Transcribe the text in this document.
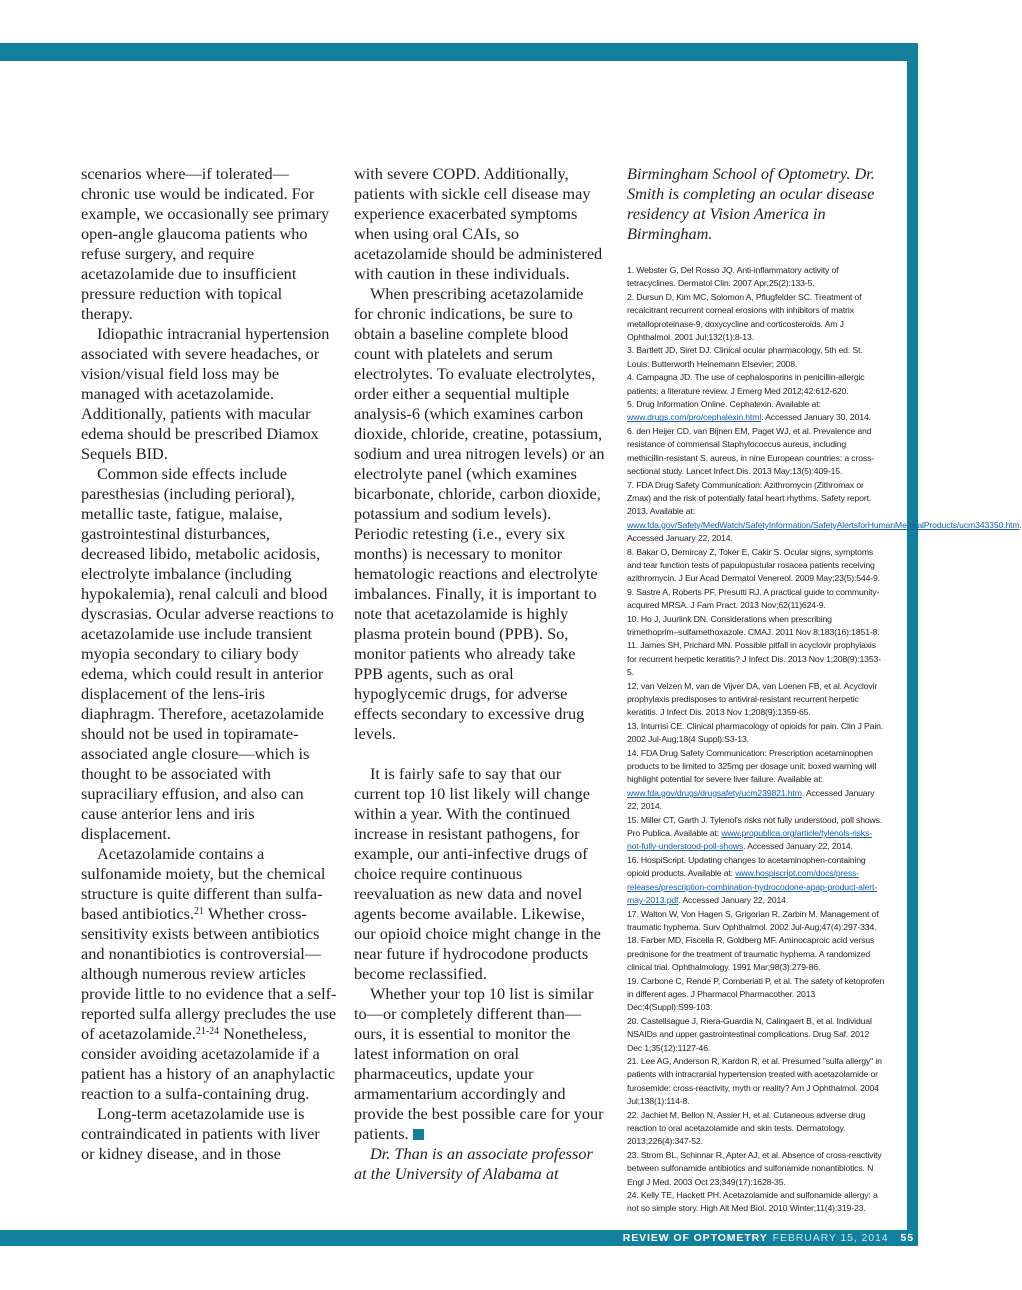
scenarios where—if tolerated—chronic use would be indicated. For example, we occasionally see primary open-angle glaucoma patients who refuse surgery, and require acetazolamide due to insufficient pressure reduction with topical therapy.

Idiopathic intracranial hypertension associated with severe headaches, or vision/visual field loss may be managed with acetazolamide. Additionally, patients with macular edema should be prescribed Diamox Sequels BID.

Common side effects include paresthesias (including perioral), metallic taste, fatigue, malaise, gastrointestinal disturbances, decreased libido, metabolic acidosis, electrolyte imbalance (including hypokalemia), renal calculi and blood dyscrasias. Ocular adverse reactions to acetazolamide use include transient myopia secondary to ciliary body edema, which could result in anterior displacement of the lens-iris diaphragm. Therefore, acetazolamide should not be used in topiramate-associated angle closure—which is thought to be associated with supraciliary effusion, and also can cause anterior lens and iris displacement.

Acetazolamide contains a sulfonamide moiety, but the chemical structure is quite different than sulfa-based antibiotics.$^{21}$ Whether cross-sensitivity exists between antibiotics and nonantibiotics is controversial—although numerous review articles provide little to no evidence that a self-reported sulfa allergy precludes the use of acetazolamide.$^{21-24}$ Nonetheless, consider avoiding acetazolamide if a patient has a history of an anaphylactic reaction to a sulfa-containing drug.

Long-term acetazolamide use is contraindicated in patients with liver or kidney disease, and in those

with severe COPD. Additionally, patients with sickle cell disease may experience exacerbated symptoms when using oral CAIs, so acetazolamide should be administered with caution in these individuals.

When prescribing acetazolamide for chronic indications, be sure to obtain a baseline complete blood count with platelets and serum electrolytes. To evaluate electrolytes, order either a sequential multiple analysis-6 (which examines carbon dioxide, chloride, creatine, potassium, sodium and urea nitrogen levels) or an electrolyte panel (which examines bicarbonate, chloride, carbon dioxide, potassium and sodium levels). Periodic retesting (i.e., every six months) is necessary to monitor hematologic reactions and electrolyte imbalances. Finally, it is important to note that acetazolamide is highly plasma protein bound (PPB). So, monitor patients who already take PPB agents, such as oral hypoglycemic drugs, for adverse effects secondary to excessive drug levels.

It is fairly safe to say that our current top 10 list likely will change within a year. With the continued increase in resistant pathogens, for example, our anti-infective drugs of choice require continuous reevaluation as new data and novel agents become available. Likewise, our opioid choice might change in the near future if hydrocodone products become reclassified.

Whether your top 10 list is similar to—or completely different than—ours, it is essential to monitor the latest information on oral pharmaceutics, update your armamentarium accordingly and provide the best possible care for your patients.

Dr. Than is an associate professor at the University of Alabama at

Birmingham School of Optometry. Dr. Smith is completing an ocular disease residency at Vision America in Birmingham.

1. Webster G, Del Rosso JQ. Anti-inflammatory activity of tetracyclines. Dermatol Clin. 2007 Apr;25(2):133-5.
2. Dursun D, Kim MC, Solomon A, Pflugfelder SC. Treatment of recalcitrant recurrent corneal erosions with inhibitors of matrix metalloproteinase-9, doxycycline and corticosteroids. Am J Ophthalmol. 2001 Jul;132(1):8-13.
3. Bartlett JD, Siret DJ. Clinical ocular pharmacology, 5th ed. St. Louis: Butterworth Heinemann Elsevier; 2008.
4. Campagna JD. The use of cephalosporins in penicillin-allergic patients: a literature review. J Emerg Med 2012;42:612-620.
5. Drug Information Online. Cephalexin. Available at: www.drugs.com/pro/cephalexin.html. Accessed January 30, 2014.
6. den Heijer CD, van Bijnen EM, Paget WJ, et al. Prevalence and resistance of commensal Staphylococcus aureus, including methicillin-resistant S. aureus, in nine European countries: a cross-sectional study. Lancet Infect Dis. 2013 May;13(5):409-15.
7. FDA Drug Safety Communication: Azithromycin (Zithromax or Zmax) and the risk of potentially fatal heart rhythms. Safety report. 2013. Available at: www.fda.gov/Safety/MedWatch/SafetyInformation/SafetyAlertsforHumanMedicalProducts/ucm343350.htm. Accessed January 22, 2014.
8. Bakar O, Demircay Z, Toker E, Cakir S. Ocular signs, symptoms and tear function tests of papulopustular rosacea patients receiving azithromycin. J Eur Acad Dermatol Venereol. 2009 May;23(5):544-9.
9. Sastre A, Roberts PF, Presutti RJ. A practical guide to community-acquired MRSA. J Fam Pract. 2013 Nov;62(11)624-9.
10. Ho J, Juurlink DN. Considerations when prescribing trimethoprim–sulfamethoxazole. CMAJ. 2011 Nov 8;183(16):1851-8.
11. James SH, Prichard MN. Possible pitfall in acyclovir prophylaxis for recurrent herpetic keratitis? J Infect Dis. 2013 Nov 1;208(9):1353-5.
12. van Velzen M, van de Vijver DA, van Loenen FB, et al. Acyclovir prophylaxis predisposes to antiviral-resistant recurrent herpetic keratitis. J Infect Dis. 2013 Nov 1;208(9):1359-65.
13. Inturrisi CE. Clinical pharmacology of opioids for pain. Clin J Pain. 2002 Jul-Aug;18(4 Suppl):S3-13.
14. FDA Drug Safety Communication: Prescription acetaminophen products to be limited to 325mg per dosage unit; boxed warning will highlight potential for severe liver failure. Available at: www.fda.gov/drugs/drugsafety/ucm239821.htm. Accessed January 22, 2014.
15. Miller CT, Garth J. Tylenol's risks not fully understood, poll shows. Pro Publica. Available at: www.propublica.org/article/tylenols-risks-not-fully-understood-poll-shows. Accessed January 22, 2014.
16. HospiScript. Updating changes to acetaminophen-containing opioid products. Available at: www.hospiscript.com/docs/press-releases/prescription-combination-hydrocodone-apap-product-alert-may-2013.pdf. Accessed January 22, 2014.
17. Walton W, Von Hagen S, Grigorian R, Zarbin M. Management of traumatic hyphema. Surv Ophthalmol. 2002 Jul-Aug;47(4):297-334.
18. Farber MD, Fiscella R, Goldberg MF. Aminocaproic acid versus prednisone for the treatment of traumatic hyphema. A randomized clinical trial. Ophthalmology. 1991 Mar;98(3):279-86.
19. Carbone C, Rende P, Comberiati P, et al. The safety of ketoprofen in different ages. J Pharmacol Pharmacother. 2013 Dec;4(Suppl):S99-103.
20. Castellsague J, Riera-Guardia N, Calingaert B, et al. Individual NSAIDs and upper gastrointestinal complications. Drug Saf. 2012 Dec 1;35(12):1127-46.
21. Lee AG, Anderson R, Kardon R, et al. Presumed "sulfa allergy" in patients with intracranial hypertension treated with acetazolamide or furosemide: cross-reactivity, myth or reality? Am J Ophthalmol. 2004 Jul;138(1):114-8.
22. Jachiet M, Bellon N, Assier H, et al. Cutaneous adverse drug reaction to oral acetazolamide and skin tests. Dermatology. 2013;226(4):347-52.
23. Strom BL, Schinnar R, Apter AJ, et al. Absence of cross-reactivity between sulfonamide antibiotics and sulfonamide nonantibiotics. N Engl J Med. 2003 Oct 23;349(17):1628-35.
24. Kelly TE, Hackett PH. Acetazolamide and sulfonamide allergy: a not so simple story. High Alt Med Biol. 2010 Winter;11(4):319-23.
REVIEW OF OPTOMETRY FEBRUARY 15, 2014 55
